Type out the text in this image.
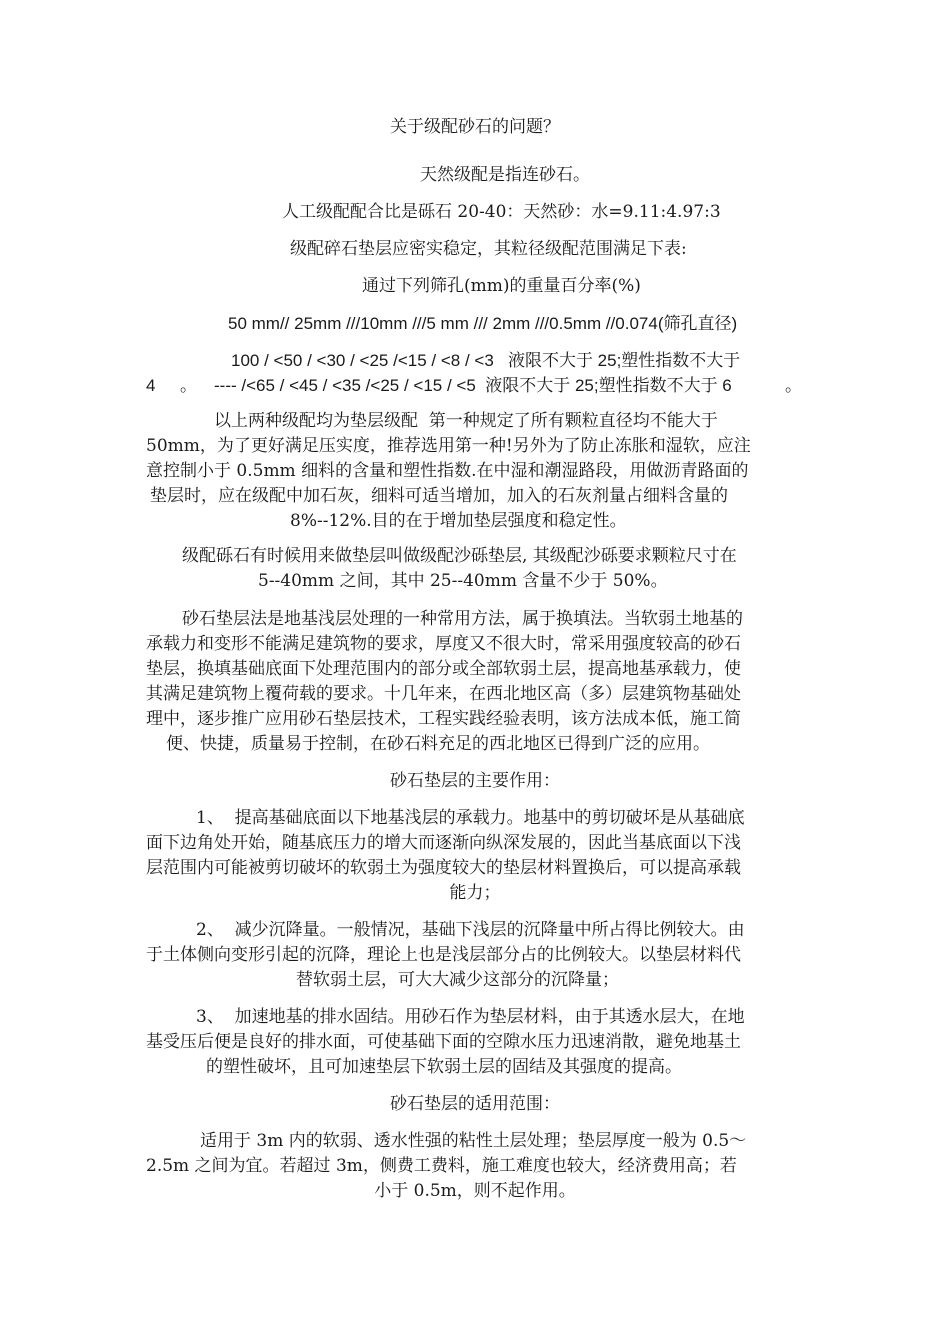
关于级配砂石的问题？
天然级配是指连砂石。
人工级配配合比是砾石 20-40：天然砂：水=9.11:4.97:3
级配碎石垫层应密实稳定，其粒径级配范围满足下表:
通过下列筛孔(mm)的重量百分率(%)
50 mm// 25mm ///10mm ///5 mm /// 2mm ///0.5mm //0.074(筛孔直径)
100 / <50 / <30 / <25 /<15 / <8 / <3   液限不大于 25;塑性指数不大于
4 。 ---- /<65 / <45 / <35 /<25 / <15 / <5  液限不大于 25;塑性指数不大于 6	。
以上两种级配均为垫层级配  第一种规定了所有颗粒直径均不能大于
50mm，为了更好满足压实度，推荐选用第一种!另外为了防止冻胀和湿软，应注
意控制小于 0.5mm 细料的含量和塑性指数.在中湿和潮湿路段，用做沥青路面的
垫层时，应在级配中加石灰，细料可适当增加，加入的石灰剂量占细料含量的
8%--12%.目的在于增加垫层强度和稳定性。
级配砾石有时候用来做垫层叫做级配沙砾垫层, 其级配沙砾要求颗粒尺寸在
5--40mm 之间，其中 25--40mm 含量不少于 50%。
砂石垫层法是地基浅层处理的一种常用方法，属于换填法。当软弱土地基的
承载力和变形不能满足建筑物的要求，厚度又不很大时，常采用强度较高的砂石
垫层，换填基础底面下处理范围内的部分或全部软弱土层，提高地基承载力，使
其满足建筑物上覆荷载的要求。十几年来，在西北地区高（多）层建筑物基础处
理中，逐步推广应用砂石垫层技术，工程实践经验表明，该方法成本低，施工简
便、快捷，质量易于控制，在砂石料充足的西北地区已得到广泛的应用。
砂石垫层的主要作用：
1、  提高基础底面以下地基浅层的承载力。地基中的剪切破坏是从基础底
面下边角处开始，随基底压力的增大而逐渐向纵深发展的，因此当基底面以下浅
层范围内可能被剪切破坏的软弱土为强度较大的垫层材料置换后，可以提高承载
能力；
2、  减少沉降量。一般情况，基础下浅层的沉降量中所占得比例较大。由
于土体侧向变形引起的沉降，理论上也是浅层部分占的比例较大。以垫层材料代
替软弱土层，可大大减少这部分的沉降量；
3、  加速地基的排水固结。用砂石作为垫层材料，由于其透水层大，在地
基受压后便是良好的排水面，可使基础下面的空隙水压力迅速消散，避免地基土
的塑性破坏，且可加速垫层下软弱土层的固结及其强度的提高。
砂石垫层的适用范围：
适用于 3m 内的软弱、透水性强的粘性土层处理；垫层厚度一般为 0.5～
2.5m 之间为宜。若超过 3m，侧费工费料，施工难度也较大，经济费用高；若
小于 0.5m，则不起作用。
